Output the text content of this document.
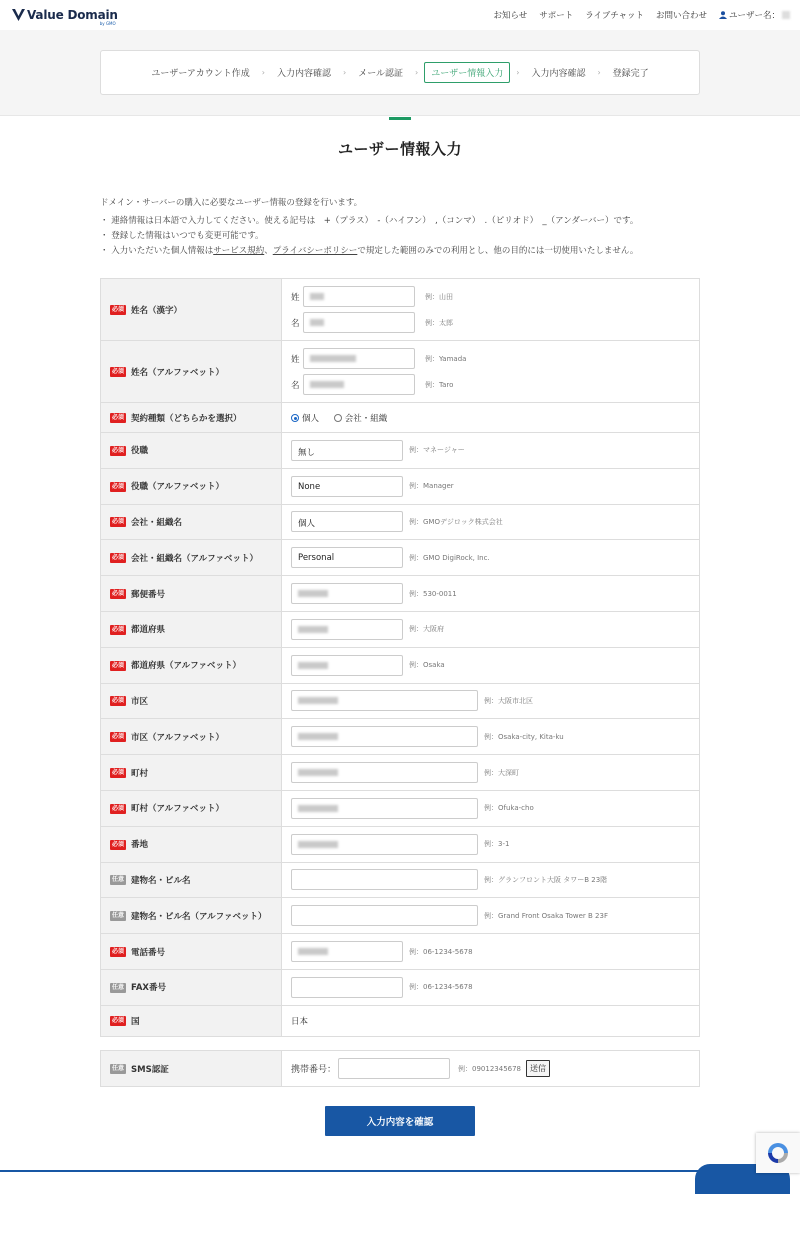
Value Domain
by GMO
お知らせ サポート ライブチャット お問い合わせ	ユーザー名：
ユーザーアカウント作成	›	入力内容確認	›	メール認証	›	ユーザー情報入力	›	入力内容確認	›	登録完了
ユーザー情報入力
ドメイン・サーバーの購入に必要なユーザー情報の登録を行います。
・ 連絡情報は日本語で入力してください。使える記号は　+（プラス）　-（ハイフン）　,（コンマ）　.（ピリオド）　_（アンダーバー）です。
・ 登録した情報はいつでも変更可能です。
・ 入力いただいた個人情報はサービス規約、プライバシーポリシーで規定した範囲のみでの利用とし、他の目的には一切使用いたしません。
必須 姓名（漢字）	姓 例：山田
名 例：太郎

必須 姓名（アルファベット）	姓 例：Yamada
名 例：Taro

必須 契約種類（どちらかを選択）	個人 会社・組織
必須 役職	無し 例：マネージャー
必須 役職（アルファベット）	None 例：Manager
必須 会社・組織名	個人 例：GMOデジロック株式会社
必須 会社・組織名（アルファベット）	Personal 例：GMO DigiRock, Inc.
必須 郵便番号	例：530-0011
必須 都道府県	例：大阪府
必須 都道府県（アルファベット）	例：Osaka
必須 市区	例：大阪市北区
必須 市区（アルファベット）	例：Osaka-city, Kita-ku
必須 町村	例：大深町
必須 町村（アルファベット）	例：Ofuka-cho
必須 番地	例：3-1
任意 建物名・ビル名	例：グランフロント大阪 タワーB 23階
任意 建物名・ビル名（アルファベット）	例：Grand Front Osaka Tower B 23F
必須 電話番号	例：06-1234-5678
任意 FAX番号	例：06-1234-5678
必須 国	日本
任意 SMS認証	携帯番号：	例：09012345678	送信
入力内容を確認
